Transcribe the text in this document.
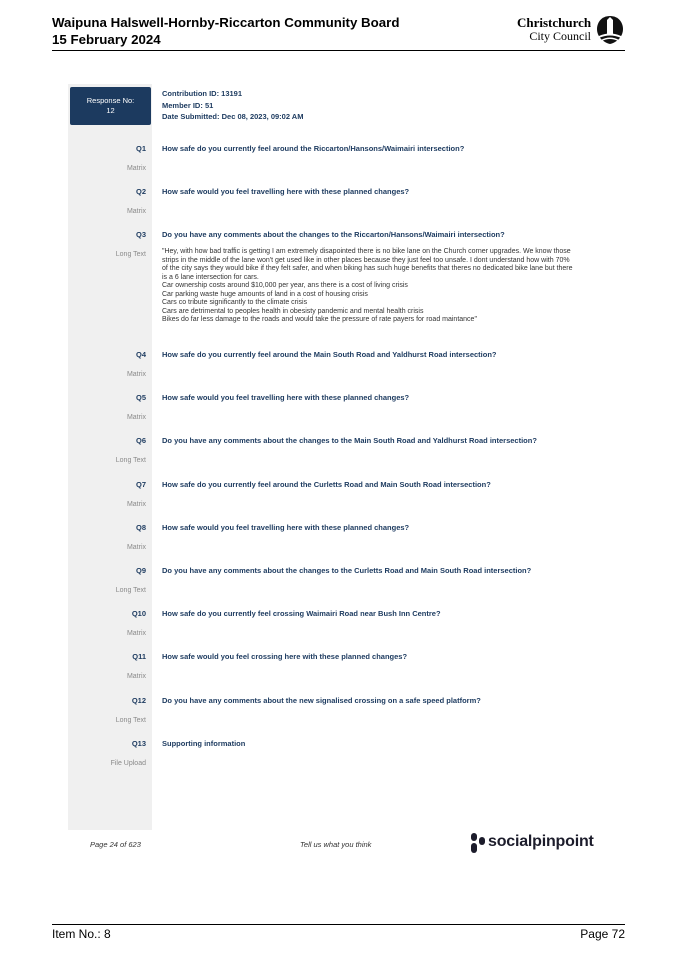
Waipuna Halswell-Hornby-Riccarton Community Board
15 February 2024
Christchurch
City Council
Response No:
12
Contribution ID: 13191
Member ID: 51
Date Submitted: Dec 08, 2023, 09:02 AM
Q1
Matrix
How safe do you currently feel around the Riccarton/Hansons/Waimairi intersection?
Q2
Matrix
How safe would you feel travelling here with these planned changes?
Q3
Long Text
Do you have any comments about the changes to the Riccarton/Hansons/Waimairi intersection?
"Hey, with how bad traffic is getting I am extremely disapointed there is no bike lane on the Church corner upgrades. We know those strips in the middle of the lane won't get used like in other places because they just feel too unsafe. I dont understand how with 70% of the city says they would bike if they felt safer, and when biking has such huge benefits that theres no dedicated bike lane but there is a 6 lane intersection for cars.
Car ownership costs around $10,000 per year, ans there is a cost of living crisis
Car parking waste huge amounts of land in a cost of housing crisis
Cars co tribute significantly to the climate crisis
Cars are detrimental to peoples health in obesisty pandemic and mental health crisis
Bikes do far less damage to the roads and would take the pressure of rate payers for road maintance"
Q4
Matrix
How safe do you currently feel around the Main South Road and Yaldhurst Road intersection?
Q5
Matrix
How safe would you feel travelling here with these planned changes?
Q6
Long Text
Do you have any comments about the changes to the Main South Road and Yaldhurst Road intersection?
Q7
Matrix
How safe do you currently feel around the Curletts Road and Main South Road intersection?
Q8
Matrix
How safe would you feel travelling here with these planned changes?
Q9
Long Text
Do you have any comments about the changes to the Curletts Road and Main South Road intersection?
Q10
Matrix
How safe do you currently feel crossing Waimairi Road near Bush Inn Centre?
Q11
Matrix
How safe would you feel crossing here with these planned changes?
Q12
Long Text
Do you have any comments about the new signalised crossing on a safe speed platform?
Q13
File Upload
Supporting information
Page 24 of 623	Tell us what you think	socialpinpoint
Item No.: 8	Page 72
